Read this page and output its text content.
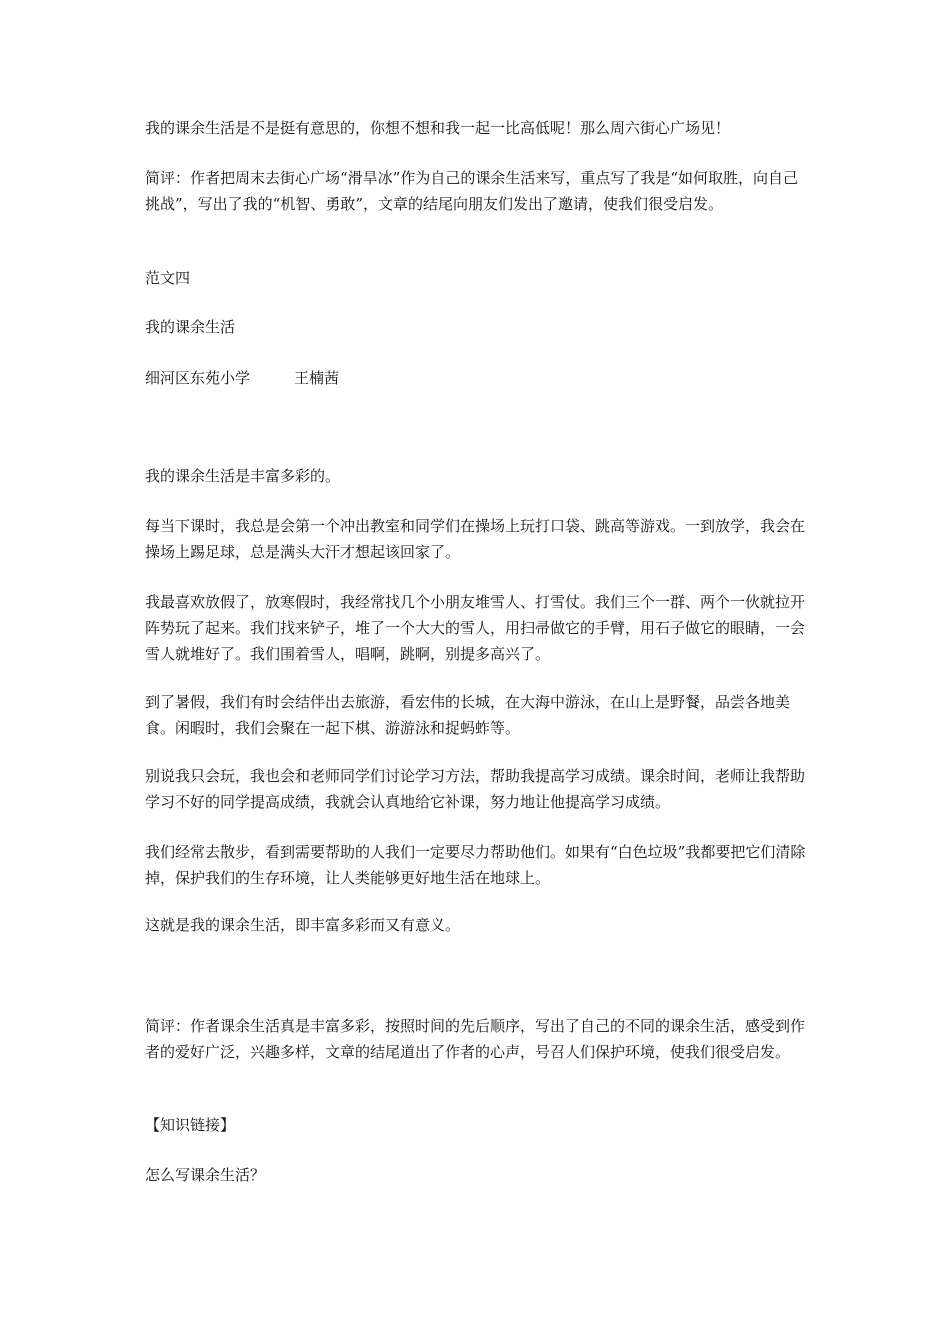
我的课余生活是不是挺有意思的，你想不想和我一起一比高低呢！那么周六街心广场见！

简评：作者把周末去街心广场“滑旱冰”作为自己的课余生活来写，重点写了我是“如何取胜，向自己挑战”，写出了我的“机智、勇敢”，文章的结尾向朋友们发出了邀请，使我们很受启发。

范文四

我的课余生活

细河区东苑小学	王楠茜

我的课余生活是丰富多彩的。

每当下课时，我总是会第一个冲出教室和同学们在操场上玩打口袋、跳高等游戏。一到放学，我会在操场上踢足球，总是满头大汗才想起该回家了。

我最喜欢放假了，放寒假时，我经常找几个小朋友堆雪人、打雪仗。我们三个一群、两个一伙就拉开阵势玩了起来。我们找来铲子，堆了一个大大的雪人，用扫帚做它的手臂，用石子做它的眼睛，一会雪人就堆好了。我们围着雪人，唱啊，跳啊，别提多高兴了。

到了暑假，我们有时会结伴出去旅游，看宏伟的长城，在大海中游泳，在山上是野餐，品尝各地美食。闲暇时，我们会聚在一起下棋、游游泳和捉蚂蚱等。

别说我只会玩，我也会和老师同学们讨论学习方法，帮助我提高学习成绩。课余时间，老师让我帮助学习不好的同学提高成绩，我就会认真地给它补课，努力地让他提高学习成绩。

我们经常去散步，看到需要帮助的人我们一定要尽力帮助他们。如果有“白色垃圾”我都要把它们清除掉，保护我们的生存环境，让人类能够更好地生活在地球上。

这就是我的课余生活，即丰富多彩而又有意义。

简评：作者课余生活真是丰富多彩，按照时间的先后顺序，写出了自己的不同的课余生活，感受到作者的爱好广泛，兴趣多样，文章的结尾道出了作者的心声，号召人们保护环境，使我们很受启发。

【知识链接】

怎么写课余生活？
